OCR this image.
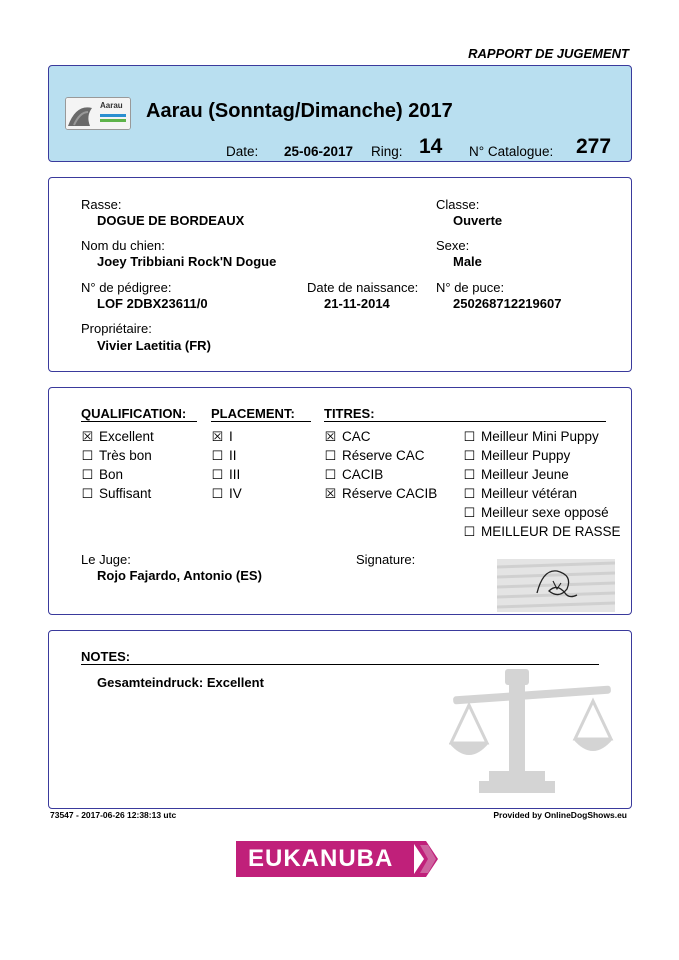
RAPPORT DE JUGEMENT
Aarau Aarau (Sonntag/Dimanche) 2017
Date: 25-06-2017 Ring: 14 N° Catalogue: 277
Rasse:
DOGUE DE BORDEAUX
Classe:
Ouverte
Nom du chien:
Joey Tribbiani Rock'N Dogue
Sexe:
Male
N° de pédigree:
LOF 2DBX23611/0
Date de naissance:
21-11-2014
N° de puce:
250268712219607
Propriétaire:
Vivier Laetitia (FR)
QUALIFICATION: PLACEMENT: TITRES:
☒ Excellent
☐ Très bon
☐ Bon
☐ Suffisant
☒ I
☐ II
☐ III
☐ IV
☒ CAC
☐ Réserve CAC
☐ CACIB
☒ Réserve CACIB
☐ Meilleur Mini Puppy
☐ Meilleur Puppy
☐ Meilleur Jeune
☐ Meilleur vétéran
☐ Meilleur sexe opposé
☐ MEILLEUR DE RASSE
Le Juge:
Rojo Fajardo, Antonio (ES)
Signature:
NOTES:
Gesamteindruck: Excellent
73547 - 2017-06-26 12:38:13 utc	Provided by OnlineDogShows.eu
EUKANUBA
